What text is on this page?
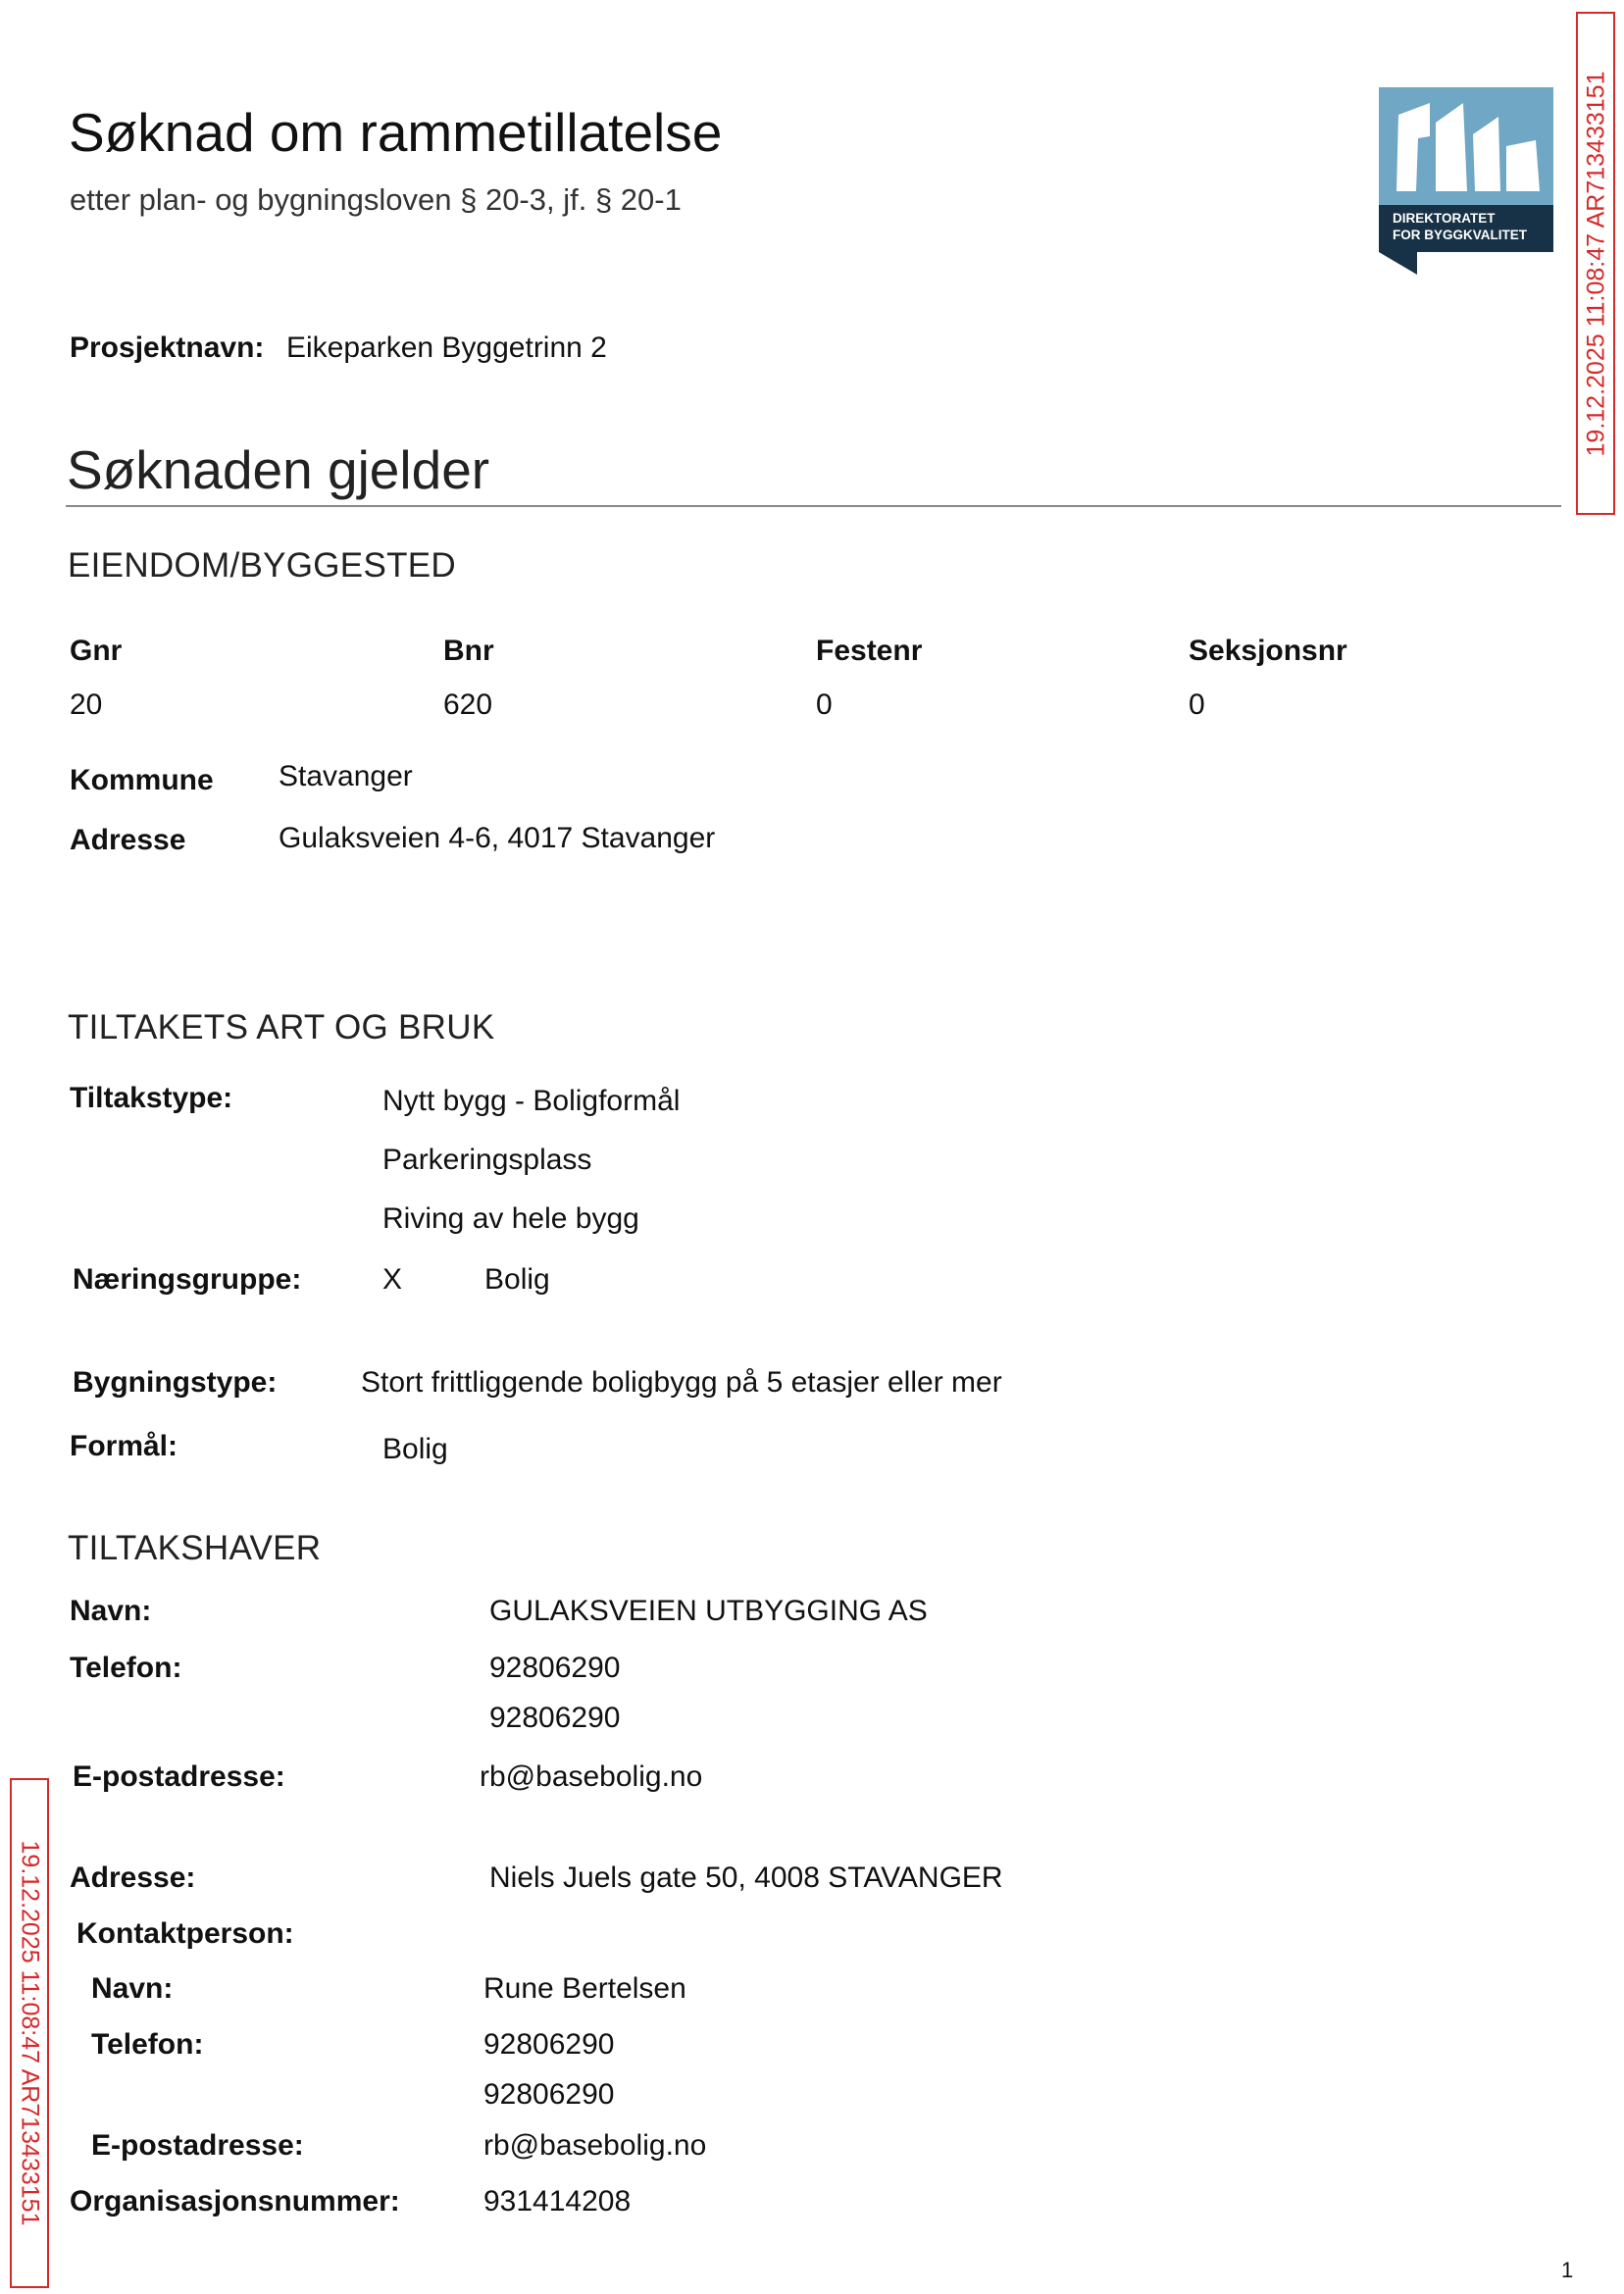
Søknad om rammetillatelse
etter plan- og bygningsloven § 20-3, jf. § 20-1
DIREKTORATET
FOR BYGGKVALITET 19.12.2025 11:08:47 AR713433151
19.12.2025 11:08:47 AR713433151
Prosjektnavn: Eikeparken Byggetrinn 2
Søknaden gjelder
EIENDOM/BYGGESTED
Gnr	Bnr	Festenr	Seksjonsnr
20	620	0	0
Kommune Stavanger
Adresse	Gulaksveien 4-6, 4017 Stavanger
TILTAKETS ART OG BRUK
Tiltakstype:	Nytt bygg - Boligformål
Parkeringsplass
Riving av hele bygg
Næringsgruppe:	X	Bolig
Bygningstype:	Stort frittliggende boligbygg på 5 etasjer eller mer
Formål:	Bolig
TILTAKSHAVER
Navn:	GULAKSVEIEN UTBYGGING AS
Telefon:	92806290
92806290
E-postadresse:	rb@basebolig.no
Adresse:	Niels Juels gate 50, 4008 STAVANGER
Kontaktperson:
Navn:	Rune Bertelsen
Telefon:	92806290
92806290
E-postadresse:	rb@basebolig.no
Organisasjonsnummer:	931414208
1
